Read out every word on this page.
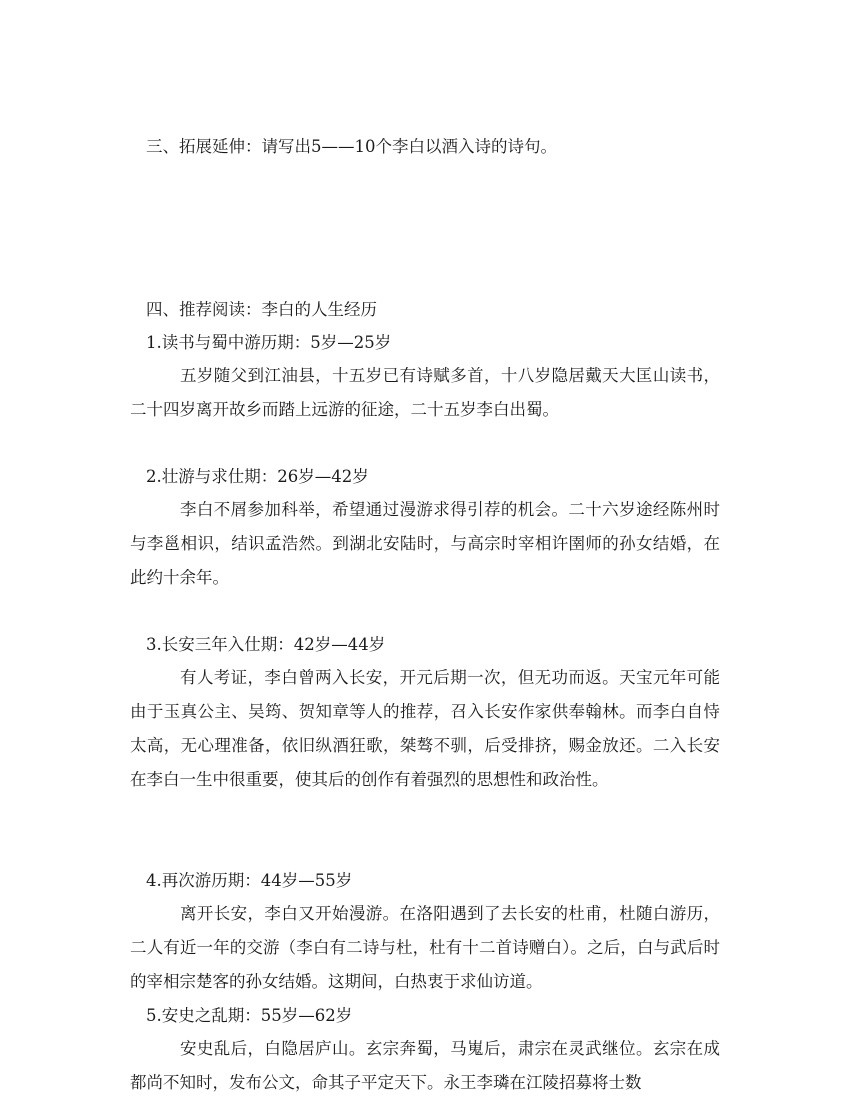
三、拓展延伸：请写出5——10个李白以酒入诗的诗句。

四、推荐阅读：李白的人生经历

1.读书与蜀中游历期：5岁—25岁

五岁随父到江油县，十五岁已有诗赋多首，十八岁隐居戴天大匡山读书，二十四岁离开故乡而踏上远游的征途，二十五岁李白出蜀。

2.壮游与求仕期：26岁—42岁

李白不屑参加科举，希望通过漫游求得引荐的机会。二十六岁途经陈州时与李邕相识，结识孟浩然。到湖北安陆时，与高宗时宰相许圉师的孙女结婚，在此约十余年。

3.长安三年入仕期：42岁—44岁

有人考证，李白曾两入长安，开元后期一次，但无功而返。天宝元年可能由于玉真公主、吴筠、贺知章等人的推荐，召入长安作家供奉翰林。而李白自恃太高，无心理准备，依旧纵酒狂歌，桀骜不驯，后受排挤，赐金放还。二入长安在李白一生中很重要，使其后的创作有着强烈的思想性和政治性。

4.再次游历期：44岁—55岁

离开长安，李白又开始漫游。在洛阳遇到了去长安的杜甫，杜随白游历，二人有近一年的交游（李白有二诗与杜，杜有十二首诗赠白）。之后，白与武后时的宰相宗楚客的孙女结婚。这期间，白热衷于求仙访道。

5.安史之乱期：55岁—62岁

安史乱后，白隐居庐山。玄宗奔蜀，马嵬后，肃宗在灵武继位。玄宗在成都尚不知时，发布公文，命其子平定天下。永王李璘在江陵招募将士数
